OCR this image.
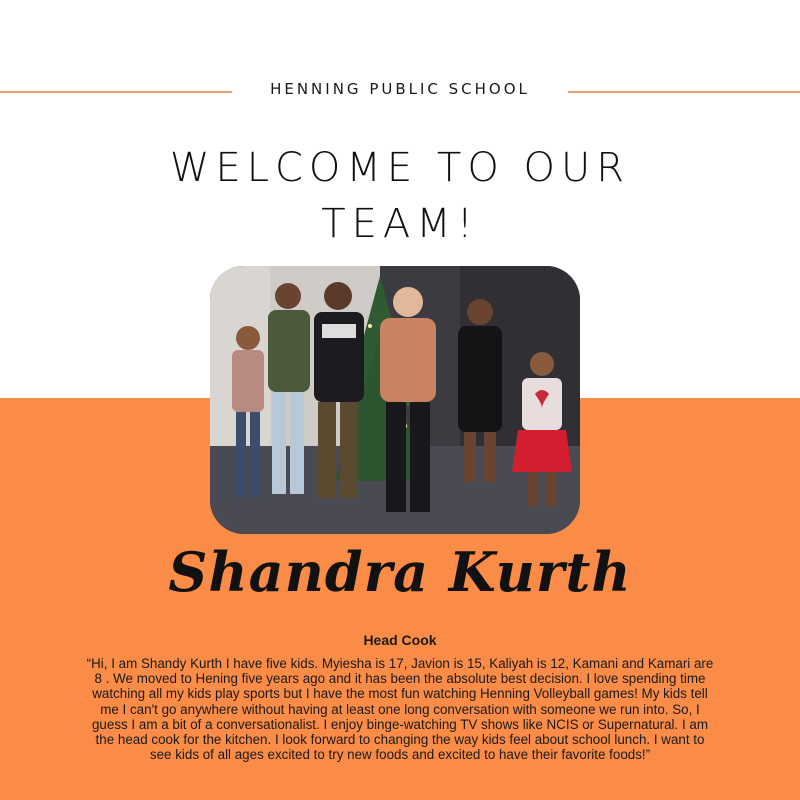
HENNING PUBLIC SCHOOL
WELCOME TO OUR TEAM!
Shandra Kurth
Head Cook
“Hi, I am Shandy Kurth I have five kids. Myiesha is 17, Javion is 15, Kaliyah is 12, Kamani and Kamari are 8 . We moved to Hening five years ago and it has been the absolute best decision. I love spending time watching all my kids play sports but I have the most fun watching Henning Volleyball games! My kids tell me I can't go anywhere without having at least one long conversation with someone we run into. So, I guess I am a bit of a conversationalist. I enjoy binge-watching TV shows like NCIS or Supernatural. I am the head cook for the kitchen. I look forward to changing the way kids feel about school lunch. I want to see kids of all ages excited to try new foods and excited to have their favorite foods!”
